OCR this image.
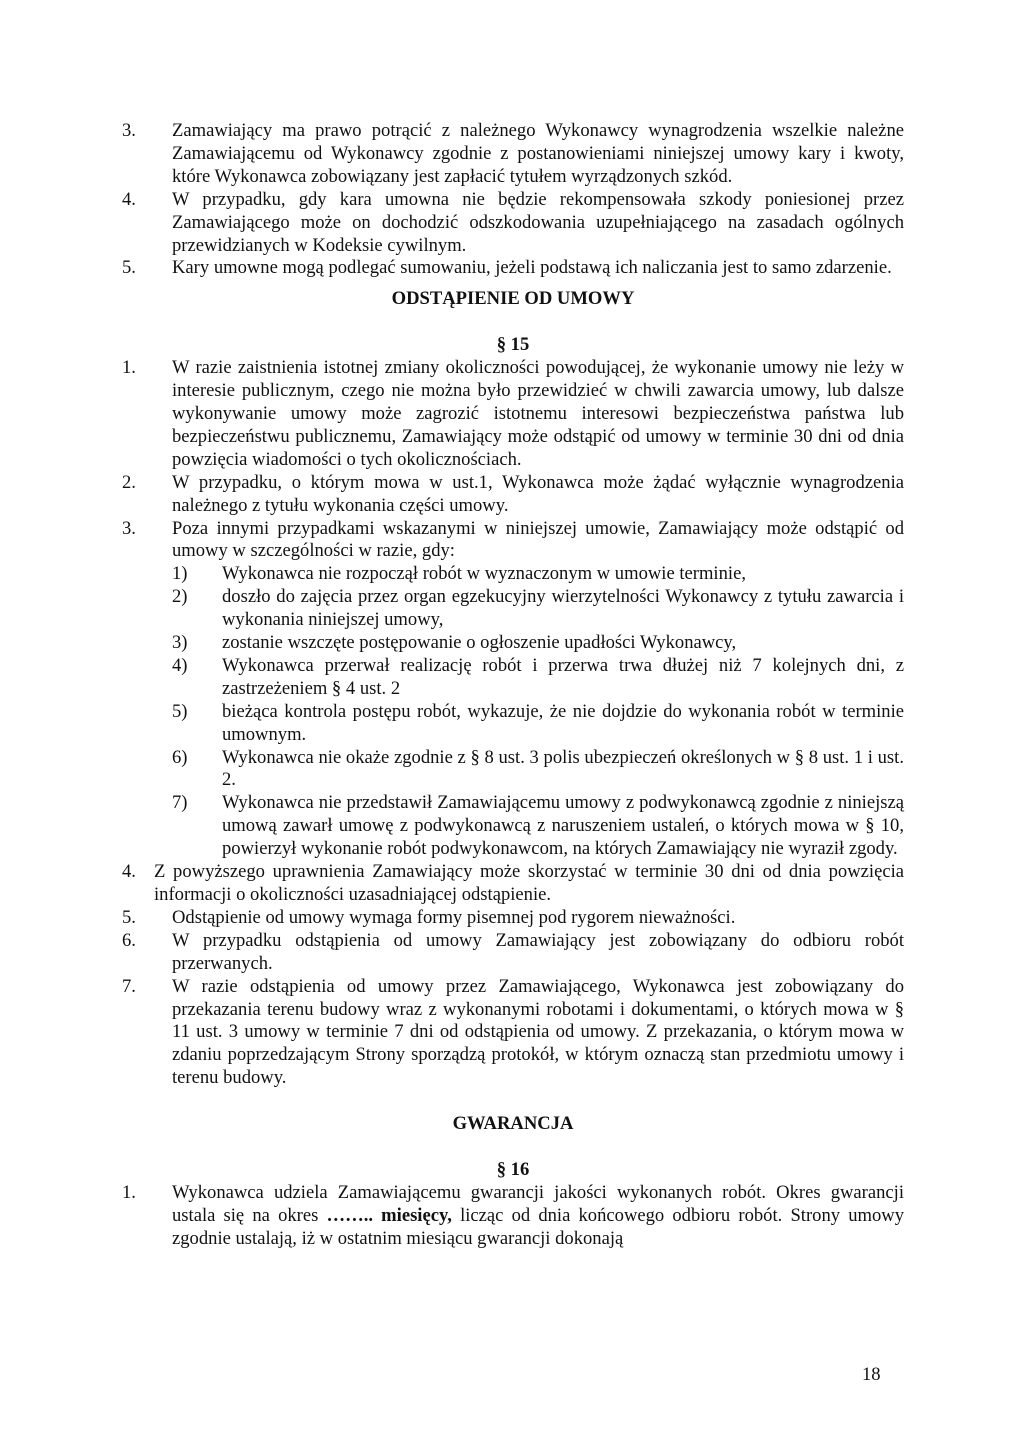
3. Zamawiający ma prawo potrącić z należnego Wykonawcy wynagrodzenia wszelkie należne Zamawiającemu od Wykonawcy zgodnie z postanowieniami niniejszej umowy kary i kwoty, które Wykonawca zobowiązany jest zapłacić tytułem wyrządzonych szkód.
4. W przypadku, gdy kara umowna nie będzie rekompensowała szkody poniesionej przez Zamawiającego może on dochodzić odszkodowania uzupełniającego na zasadach ogólnych przewidzianych w Kodeksie cywilnym.
5. Kary umowne mogą podlegać sumowaniu, jeżeli podstawą ich naliczania jest to samo zdarzenie.
ODSTĄPIENIE OD UMOWY
§ 15
1. W razie zaistnienia istotnej zmiany okoliczności powodującej, że wykonanie umowy nie leży w interesie publicznym, czego nie można było przewidzieć w chwili zawarcia umowy, lub dalsze wykonywanie umowy może zagrozić istotnemu interesowi bezpieczeństwa państwa lub bezpieczeństwu publicznemu, Zamawiający może odstąpić od umowy w terminie 30 dni od dnia powzięcia wiadomości o tych okolicznościach.
2. W przypadku, o którym mowa w ust.1, Wykonawca może żądać wyłącznie wynagrodzenia należnego z tytułu wykonania części umowy.
3. Poza innymi przypadkami wskazanymi w niniejszej umowie, Zamawiający może odstąpić od umowy w szczególności w razie, gdy:
1) Wykonawca nie rozpoczął robót w wyznaczonym w umowie terminie,
2) doszło do zajęcia przez organ egzekucyjny wierzytelności Wykonawcy z tytułu zawarcia i wykonania niniejszej umowy,
3) zostanie wszczęte postępowanie o ogłoszenie upadłości Wykonawcy,
4) Wykonawca przerwał realizację robót i przerwa trwa dłużej niż 7 kolejnych dni, z zastrzeżeniem § 4 ust. 2
5) bieżąca kontrola postępu robót, wykazuje, że nie dojdzie do wykonania robót w terminie umownym.
6) Wykonawca nie okaże zgodnie z § 8 ust. 3 polis ubezpieczeń określonych w § 8 ust. 1 i ust. 2.
7) Wykonawca nie przedstawił Zamawiającemu umowy z podwykonawcą zgodnie z niniejszą umową zawarł umowę z podwykonawcą z naruszeniem ustaleń, o których mowa w § 10, powierzył wykonanie robót podwykonawcom, na których Zamawiający nie wyraził zgody.
4. Z powyższego uprawnienia Zamawiający może skorzystać w terminie 30 dni od dnia powzięcia informacji o okoliczności uzasadniającej odstąpienie.
5. Odstąpienie od umowy wymaga formy pisemnej pod rygorem nieważności.
6. W przypadku odstąpienia od umowy Zamawiający jest zobowiązany do odbioru robót przerwanych.
7. W razie odstąpienia od umowy przez Zamawiającego, Wykonawca jest zobowiązany do przekazania terenu budowy wraz z wykonanymi robotami i dokumentami, o których mowa w § 11 ust. 3 umowy w terminie 7 dni od odstąpienia od umowy. Z przekazania, o którym mowa w zdaniu poprzedzającym Strony sporządzą protokół, w którym oznaczą stan przedmiotu umowy i terenu budowy.
GWARANCJA
§ 16
1. Wykonawca udziela Zamawiającemu gwarancji jakości wykonanych robót. Okres gwarancji ustala się na okres …….. miesięcy, licząc od dnia końcowego odbioru robót. Strony umowy zgodnie ustalają, iż w ostatnim miesiącu gwarancji dokonają
18
